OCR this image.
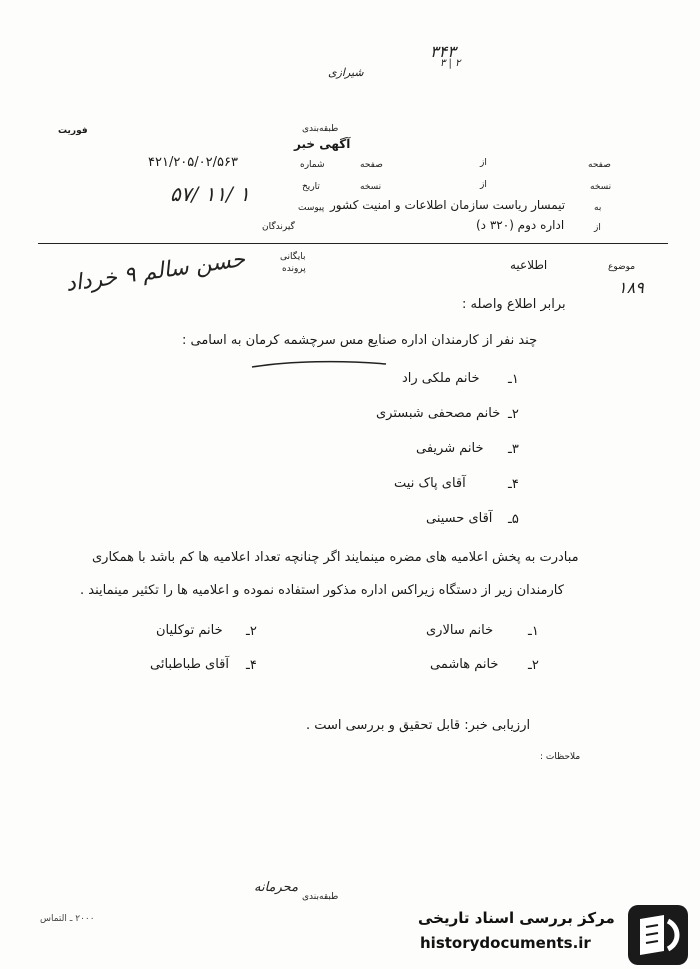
۳۴۳
۳ | ۲
شیرازی
فوریت	طبقه‌بندی
آگهی خبر
صفحه
از
صفحه
نسخه
از
نسخه
به
تیمسار ریاست سازمان اطلاعات و امنیت کشور
از
اداره دوم (۳۲۰ د)
شماره
۴۲۱/۲۰۵/۰۲/۵۶۳
تاریخ
۵۷/ ۱۱/ ۱
پیوست
گیرندگان
بایگانی
پرونده	موضوع
اطلاعیه
۱۸۹
حسن سالم ۹ خرداد
برابر اطلاع واصله :
چند نفر از کارمندان اداره صنایع مس سرچشمه کرمان به اسامی :
۱ـ
خانم ملکی راد
۲ـ
خانم مصحفی شبستری
۳ـ
خانم شریفی
۴ـ
آقای پاک نیت
۵ـ
آقای حسینی
مبادرت به پخش اعلامیه های مضره مینمایند اگر چنانچه تعداد اعلامیه ها کم باشد با همکاری
کارمندان زیر از دستگاه زیراکس اداره مذکور استفاده نموده و اعلامیه ها را تکثیر مینمایند .
۱ـ
خانم سالاری
۲ـ
خانم هاشمی
۲ـ
خانم توکلیان
۴ـ
آقای طباطبائی
ارزیابی خبر: قابل تحقیق و بررسی است .
ملاحظات :
طبقه‌بندی
محرمانه
۲۰۰۰ ـ التماس	مرکز بررسی اسناد تاریخی
historydocuments.ir
